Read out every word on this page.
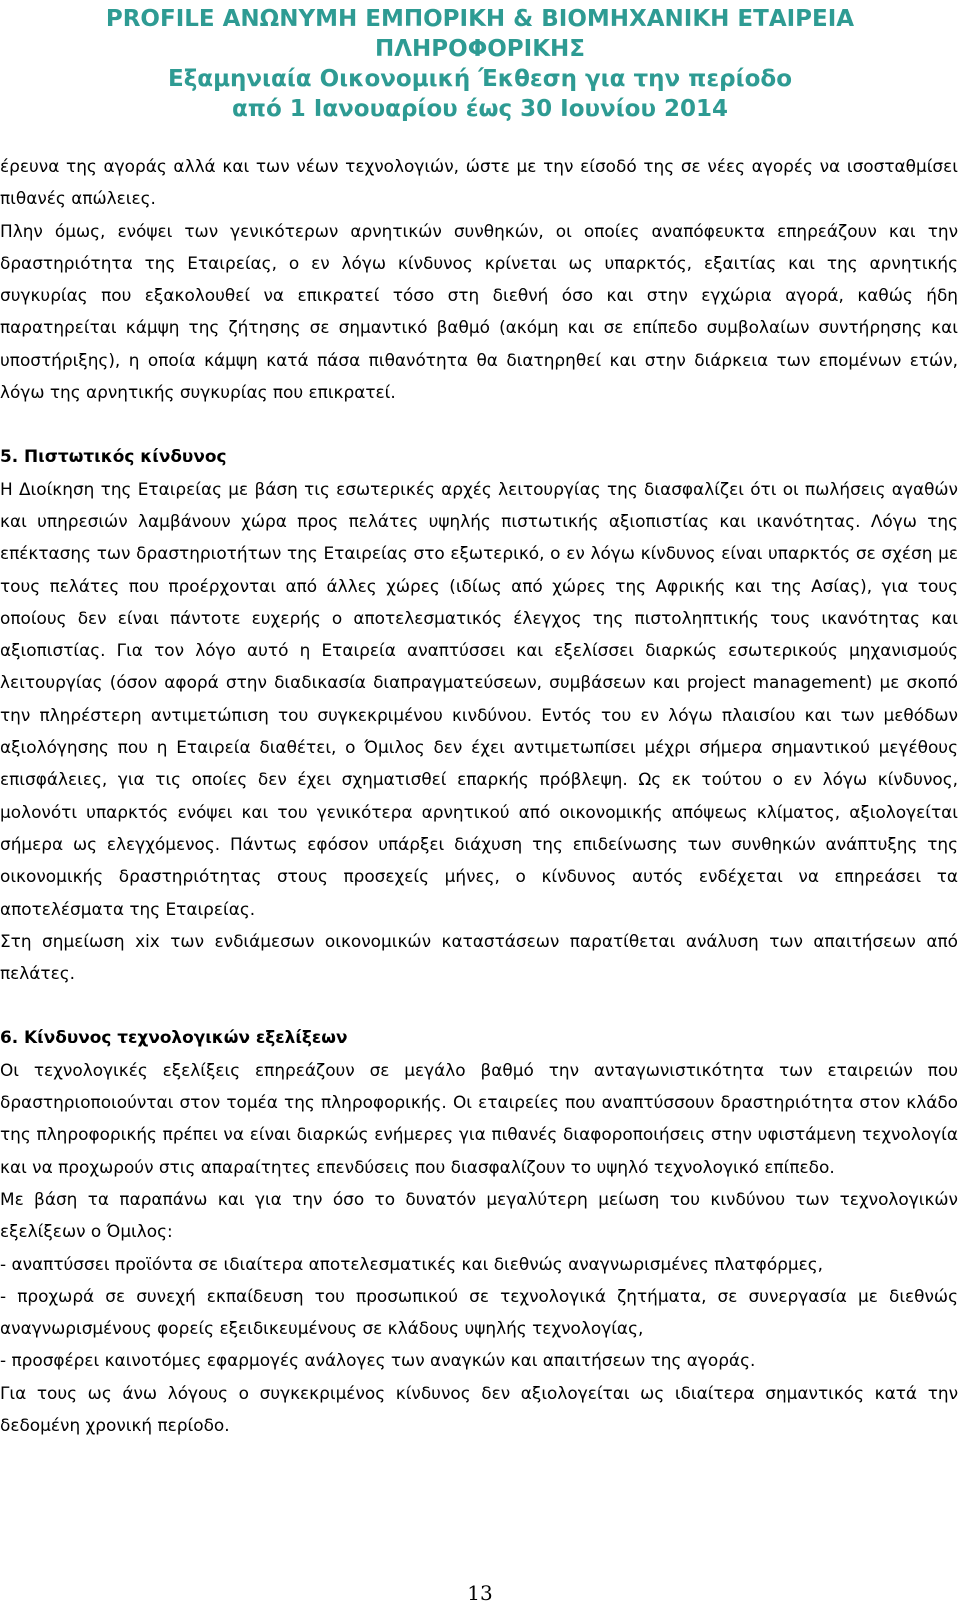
PROFILE ΑΝΩΝΥΜΗ ΕΜΠΟΡΙΚΗ & ΒΙΟΜΗΧΑΝΙΚΗ ΕΤΑΙΡΕΙΑ
ΠΛΗΡΟΦΟΡΙΚΗΣ
Εξαμηνιαία Οικονομική Έκθεση για την περίοδο
από 1 Ιανουαρίου έως 30 Ιουνίου 2014

έρευνα της αγοράς αλλά και των νέων τεχνολογιών, ώστε με την είσοδό της σε νέες αγορές να ισοσταθμίσει πιθανές απώλειες.

Πλην όμως, ενόψει των γενικότερων αρνητικών συνθηκών, οι οποίες αναπόφευκτα επηρεάζουν και την δραστηριότητα της Εταιρείας, ο εν λόγω κίνδυνος κρίνεται ως υπαρκτός, εξαιτίας και της αρνητικής συγκυρίας που εξακολουθεί να επικρατεί τόσο στη διεθνή όσο και στην εγχώρια αγορά, καθώς ήδη παρατηρείται κάμψη της ζήτησης σε σημαντικό βαθμό (ακόμη και σε επίπεδο συμβολαίων συντήρησης και υποστήριξης), η οποία κάμψη κατά πάσα πιθανότητα θα διατηρηθεί και στην διάρκεια των επομένων ετών, λόγω της αρνητικής συγκυρίας που επικρατεί.

5. Πιστωτικός κίνδυνος

Η Διοίκηση της Εταιρείας με βάση τις εσωτερικές αρχές λειτουργίας της διασφαλίζει ότι οι πωλήσεις αγαθών και υπηρεσιών λαμβάνουν χώρα προς πελάτες υψηλής πιστωτικής αξιοπιστίας και ικανότητας. Λόγω της επέκτασης των δραστηριοτήτων της Εταιρείας στο εξωτερικό, ο εν λόγω κίνδυνος είναι υπαρκτός σε σχέση με τους πελάτες που προέρχονται από άλλες χώρες (ιδίως από χώρες της Αφρικής και της Ασίας), για τους οποίους δεν είναι πάντοτε ευχερής ο αποτελεσματικός έλεγχος της πιστοληπτικής τους ικανότητας και αξιοπιστίας. Για τον λόγο αυτό η Εταιρεία αναπτύσσει και εξελίσσει διαρκώς εσωτερικούς μηχανισμούς λειτουργίας (όσον αφορά στην διαδικασία διαπραγματεύσεων, συμβάσεων και project management) με σκοπό την πληρέστερη αντιμετώπιση του συγκεκριμένου κινδύνου. Εντός του εν λόγω πλαισίου και των μεθόδων αξιολόγησης που η Εταιρεία διαθέτει, ο Όμιλος δεν έχει αντιμετωπίσει μέχρι σήμερα σημαντικού μεγέθους επισφάλειες, για τις οποίες δεν έχει σχηματισθεί επαρκής πρόβλεψη. Ως εκ τούτου ο εν λόγω κίνδυνος, μολονότι υπαρκτός ενόψει και του γενικότερα αρνητικού από οικονομικής απόψεως κλίματος, αξιολογείται σήμερα ως ελεγχόμενος. Πάντως εφόσον υπάρξει διάχυση της επιδείνωσης των συνθηκών ανάπτυξης της οικονομικής δραστηριότητας στους προσεχείς μήνες, ο κίνδυνος αυτός ενδέχεται να επηρεάσει τα αποτελέσματα της Εταιρείας.

Στη σημείωση xix των ενδιάμεσων οικονομικών καταστάσεων παρατίθεται ανάλυση των απαιτήσεων από πελάτες.

6. Κίνδυνος τεχνολογικών εξελίξεων

Οι τεχνολογικές εξελίξεις επηρεάζουν σε μεγάλο βαθμό την ανταγωνιστικότητα των εταιρειών που δραστηριοποιούνται στον τομέα της πληροφορικής. Οι εταιρείες που αναπτύσσουν δραστηριότητα στον κλάδο της πληροφορικής πρέπει να είναι διαρκώς ενήμερες για πιθανές διαφοροποιήσεις στην υφιστάμενη τεχνολογία και να προχωρούν στις απαραίτητες επενδύσεις που διασφαλίζουν το υψηλό τεχνολογικό επίπεδο.

Με βάση τα παραπάνω και για την όσο το δυνατόν μεγαλύτερη μείωση του κινδύνου των τεχνολογικών εξελίξεων ο Όμιλος:

- αναπτύσσει προϊόντα σε ιδιαίτερα αποτελεσματικές και διεθνώς αναγνωρισμένες πλατφόρμες,

- προχωρά σε συνεχή εκπαίδευση του προσωπικού σε τεχνολογικά ζητήματα, σε συνεργασία με διεθνώς αναγνωρισμένους φορείς εξειδικευμένους σε κλάδους υψηλής τεχνολογίας,

- προσφέρει καινοτόμες εφαρμογές ανάλογες των αναγκών και απαιτήσεων της αγοράς.

Για τους ως άνω λόγους ο συγκεκριμένος κίνδυνος δεν αξιολογείται ως ιδιαίτερα σημαντικός κατά την δεδομένη χρονική περίοδο.

13
